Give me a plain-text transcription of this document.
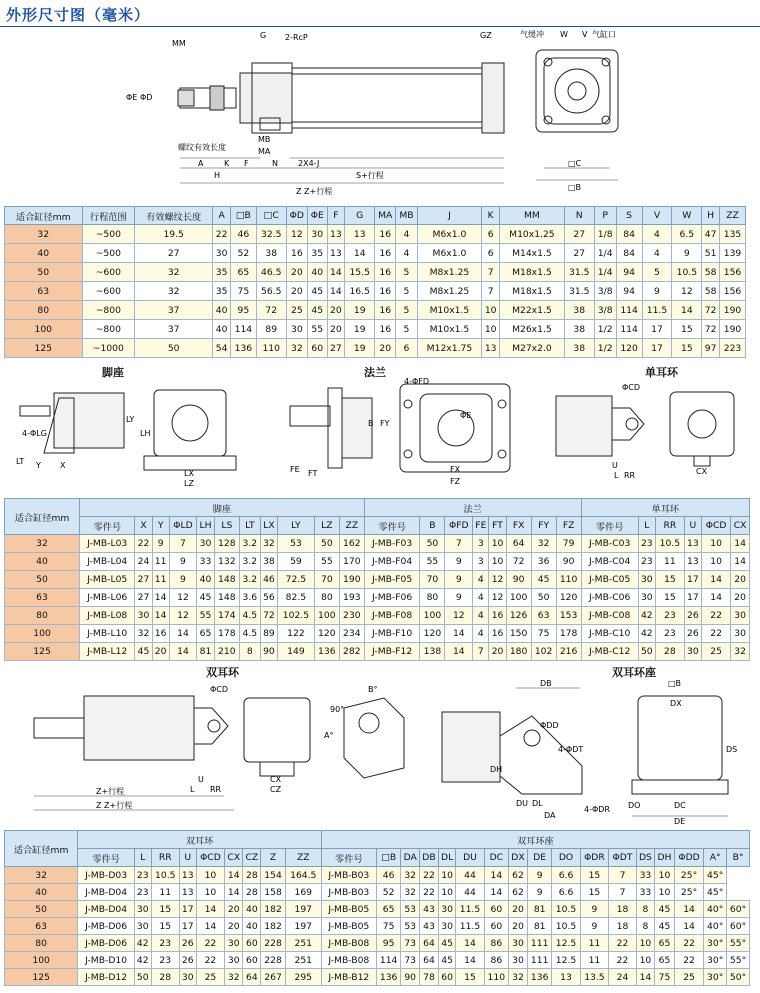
外形尺寸图（毫米）
MM
G 2-RcP
ΦE ΦD
螺纹有效长度
MB
MA
A	K F	N	2X4-J
H	S+行程
Z Z+行程
GZ	气缓冲 W V 气缸口
□C
□B
适合缸径mm	行程范围	有效螺纹长度	A	□B	□C	ΦD	ΦE	F	G	MA	MB	J	K	MM	N	P	S	V	W	H	ZZ
32	~500	19.5	22	46	32.5	12	30	13	13	16	4	M6x1.0	6	M10x1.25	27	1/8	84	4	6.5	47	135
40	~500	27	30	52	38	16	35	13	14	16	4	M6x1.0	6	M14x1.5	27	1/4	84	4	9	51	139
50	~600	32	35	65	46.5	20	40	14	15.5	16	5	M8x1.25	7	M18x1.5	31.5	1/4	94	5	10.5	58	156
63	~600	32	35	75	56.5	20	45	14	16.5	16	5	M8x1.25	7	M18x1.5	31.5	3/8	94	9	12	58	156
80	~800	37	40	95	72	25	45	20	19	16	5	M10x1.5	10	M22x1.5	38	3/8	114	11.5	14	72	190
100	~800	37	40	114	89	30	55	20	19	16	5	M10x1.5	10	M26x1.5	38	1/2	114	17	15	72	190
125	~1000	50	54	136	110	32	60	27	19	20	6	M12x1.75	13	M27x2.0	38	1/2	120	17	15	97	223
脚座	法兰	单耳环
4-ΦLG
LT Y X
LY
LH
LX
LZ
4-ΦFD
B FY
ΦE
FE FT	FX
FZ
ΦCD
U
RR
L	CX
适合缸径mm	脚座											法兰								单耳环					
	零件号	X	Y	ΦLD	LH	LS	LT	LX	LY	LZ	ZZ	零件号	B	ΦFD	FE	FT	FX	FY	FZ	零件号	L	RR	U	ΦCD	CX
32	J-MB-L03	22	9	7	30	128	3.2	32	53	50	162	J-MB-F03	50	7	3	10	64	32	79	J-MB-C03	23	10.5	13	10	14
40	J-MB-L04	24	11	9	33	132	3.2	38	59	55	170	J-MB-F04	55	9	3	10	72	36	90	J-MB-C04	23	11	13	10	14
50	J-MB-L05	27	11	9	40	148	3.2	46	72.5	70	190	J-MB-F05	70	9	4	12	90	45	110	J-MB-C05	30	15	17	14	20
63	J-MB-L06	27	14	12	45	148	3.6	56	82.5	80	193	J-MB-F06	80	9	4	12	100	50	120	J-MB-C06	30	15	17	14	20
80	J-MB-L08	30	14	12	55	174	4.5	72	102.5	100	230	J-MB-F08	100	12	4	16	126	63	153	J-MB-C08	42	23	26	22	30
100	J-MB-L10	32	16	14	65	178	4.5	89	122	120	234	J-MB-F10	120	14	4	16	150	75	178	J-MB-C10	42	23	26	22	30
125	J-MB-L12	45	20	14	81	210	8	90	149	136	282	J-MB-F12	138	14	7	20	180	102	216	J-MB-C12	50	28	30	25	32
双耳环	双耳环座
ΦCD
U
L RR
CX
CZ
Z+行程
Z Z+行程
90°
B°
A°
DB
ΦDD
4-ΦDT
DH
DU DL
DA
4-ΦDR
□B
DX
DS
DO	DC
DE
适合缸径mm	双耳环									双耳环座																
	零件号	L	RR	U	ΦCD	CX	CZ	Z	ZZ	零件号	□B	DA	DB	DL	DU	DC	DX	DE	DO	ΦDR	ΦDT	DS	DH	ΦDD	A°	B°
32	J-MB-D03	23	10.5	13	10	14	28	154	164.5	J-MB-B03	46	32	22	10	44	14	62	9	6.6	15	7	33	10	25°	45°	
40	J-MB-D04	23	11	13	10	14	28	158	169	J-MB-B03	52	32	22	10	44	14	62	9	6.6	15	7	33	10	25°	45°	
50	J-MB-D04	30	15	17	14	20	40	182	197	J-MB-B05	65	53	43	30	11.5	60	20	81	10.5	9	18	8	45	14	40°	60°
63	J-MB-D06	30	15	17	14	20	40	182	197	J-MB-B05	75	53	43	30	11.5	60	20	81	10.5	9	18	8	45	14	40°	60°
80	J-MB-D06	42	23	26	22	30	60	228	251	J-MB-B08	95	73	64	45	14	86	30	111	12.5	11	22	10	65	22	30°	55°
100	J-MB-D10	42	23	26	22	30	60	228	251	J-MB-B08	114	73	64	45	14	86	30	111	12.5	11	22	10	65	22	30°	55°
125	J-MB-D12	50	28	30	25	32	64	267	295	J-MB-B12	136	90	78	60	15	110	32	136	13	13.5	24	14	75	25	30°	50°
